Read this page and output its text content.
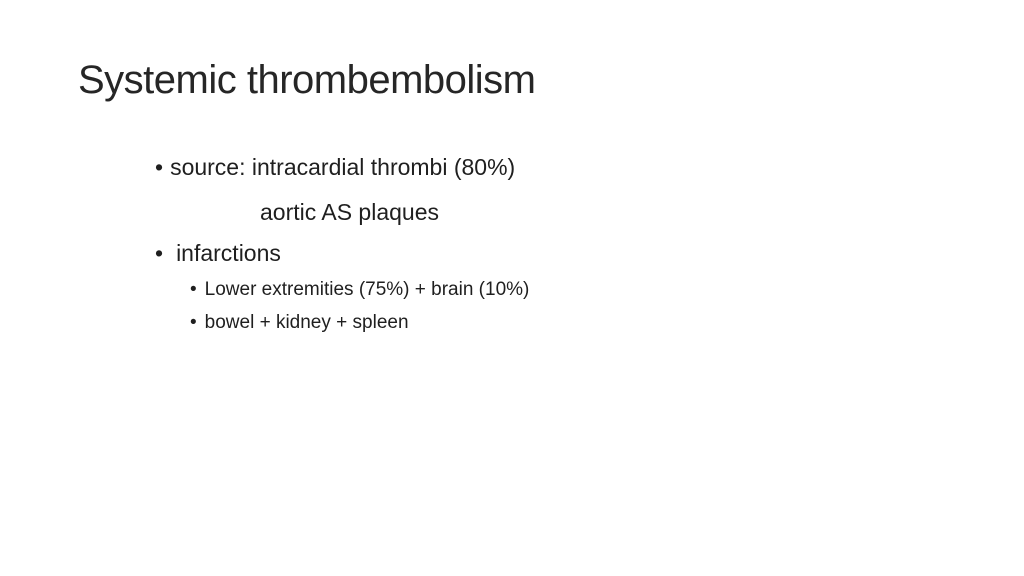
Systemic thrombembolism
• source: intracardial thrombi (80%)
aortic AS plaques
• infarctions
• Lower extremities (75%) + brain (10%)
• bowel + kidney + spleen
